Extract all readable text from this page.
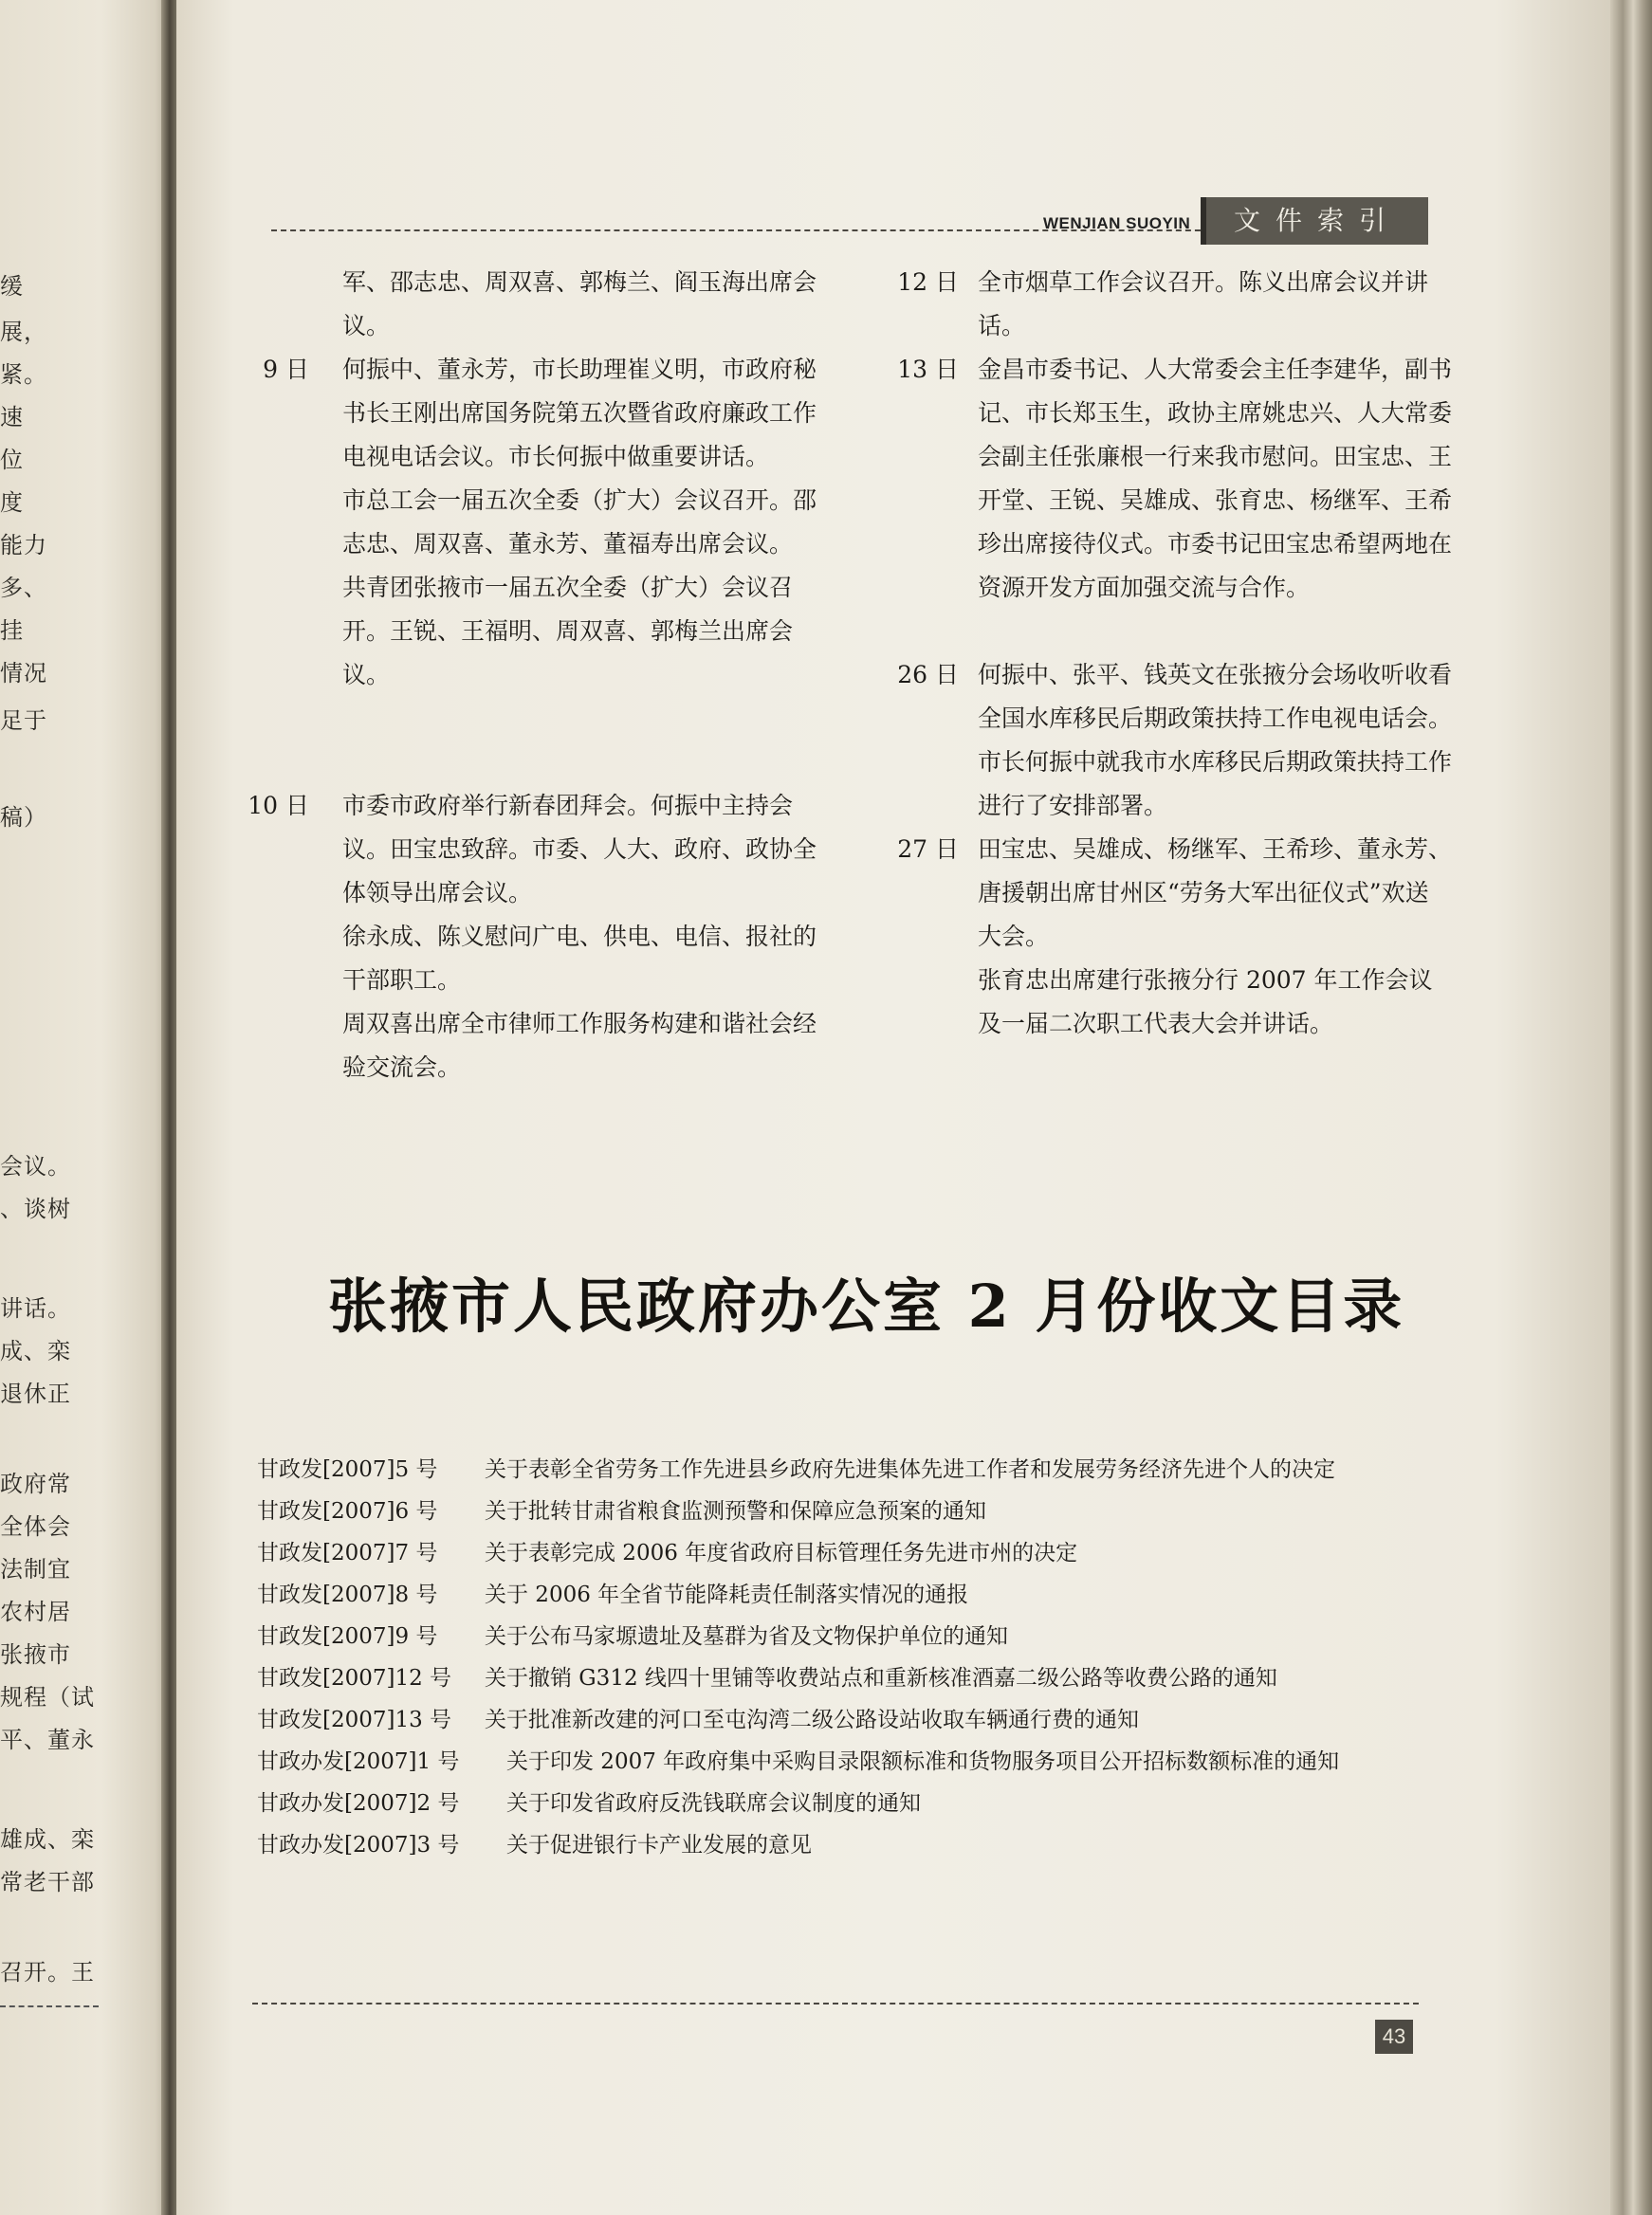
缓
展，
紧。
速
位
度
能力
多、
挂
情况
足于
稿）
会议。
、谈树
讲话。
成、栾
退休正
政府常
全体会
法制宜
农村居
张掖市
规程（试
平、董永
雄成、栾
常老干部
召开。王
WENJIAN SUOYIN	文件索引

军、邵志忠、周双喜、郭梅兰、阎玉海出席会议。

9 日 何振中、董永芳，市长助理崔义明，市政府秘书长王刚出席国务院第五次暨省政府廉政工作电视电话会议。市长何振中做重要讲话。

市总工会一届五次全委（扩大）会议召开。邵志忠、周双喜、董永芳、董福寿出席会议。

共青团张掖市一届五次全委（扩大）会议召开。王锐、王福明、周双喜、郭梅兰出席会议。

10 日 市委市政府举行新春团拜会。何振中主持会议。田宝忠致辞。市委、人大、政府、政协全体领导出席会议。

徐永成、陈义慰问广电、供电、电信、报社的干部职工。

周双喜出席全市律师工作服务构建和谐社会经验交流会。

12 日 全市烟草工作会议召开。陈义出席会议并讲话。

13 日 金昌市委书记、人大常委会主任李建华，副书记、市长郑玉生，政协主席姚忠兴、人大常委会副主任张廉根一行来我市慰问。田宝忠、王开堂、王锐、吴雄成、张育忠、杨继军、王希珍出席接待仪式。市委书记田宝忠希望两地在资源开发方面加强交流与合作。

26 日 何振中、张平、钱英文在张掖分会场收听收看全国水库移民后期政策扶持工作电视电话会。市长何振中就我市水库移民后期政策扶持工作进行了安排部署。

27 日 田宝忠、吴雄成、杨继军、王希珍、董永芳、唐援朝出席甘州区“劳务大军出征仪式”欢送大会。

张育忠出席建行张掖分行 2007 年工作会议及一届二次职工代表大会并讲话。

张掖市人民政府办公室 2 月份收文目录
甘政发[2007]5 号 关于表彰全省劳务工作先进县乡政府先进集体先进工作者和发展劳务经济先进个人的决定
甘政发[2007]6 号 关于批转甘肃省粮食监测预警和保障应急预案的通知
甘政发[2007]7 号 关于表彰完成 2006 年度省政府目标管理任务先进市州的决定
甘政发[2007]8 号 关于 2006 年全省节能降耗责任制落实情况的通报
甘政发[2007]9 号 关于公布马家塬遗址及墓群为省及文物保护单位的通知
甘政发[2007]12 号 关于撤销 G312 线四十里铺等收费站点和重新核准酒嘉二级公路等收费公路的通知
甘政发[2007]13 号 关于批准新改建的河口至屯沟湾二级公路设站收取车辆通行费的通知
甘政办发[2007]1 号 关于印发 2007 年政府集中采购目录限额标准和货物服务项目公开招标数额标准的通知
甘政办发[2007]2 号 关于印发省政府反洗钱联席会议制度的通知
甘政办发[2007]3 号 关于促进银行卡产业发展的意见
43
